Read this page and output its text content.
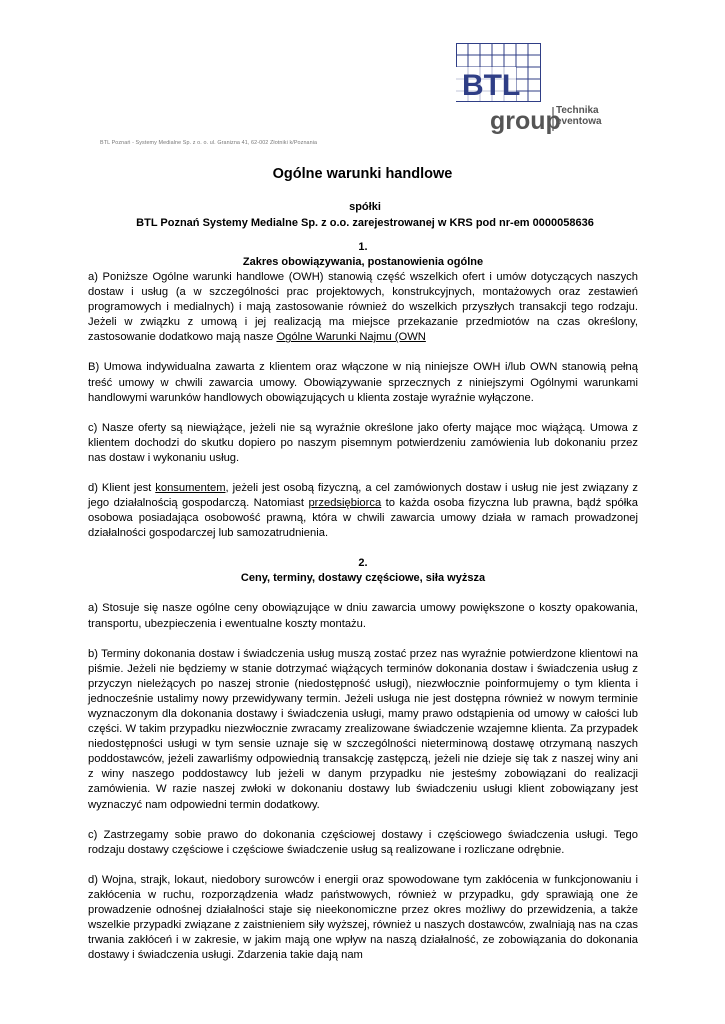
BTL
group
Technika
eventowa
BTL Poznań - Systemy Medialne Sp. z o. o. ul. Granizna 41, 62-002 Złotniki k/Poznania
Ogólne warunki handlowe
spółki
BTL Poznań Systemy Medialne Sp. z o.o. zarejestrowanej w KRS pod nr-em 0000058636
1.
Zakres obowiązywania, postanowienia ogólne

a) Poniższe Ogólne warunki handlowe (OWH) stanowią część wszelkich ofert i umów dotyczących naszych dostaw i usług (a w szczególności prac projektowych, konstrukcyjnych, montażowych oraz zestawień programowych i medialnych) i mają zastosowanie również do wszelkich przyszłych transakcji tego rodzaju. Jeżeli w związku z umową i jej realizacją ma miejsce przekazanie przedmiotów na czas określony, zastosowanie dodatkowo mają nasze Ogólne Warunki Najmu (OWN

B) Umowa indywidualna zawarta z klientem oraz włączone w nią niniejsze OWH i/lub OWN stanowią pełną treść umowy w chwili zawarcia umowy. Obowiązywanie sprzecznych z niniejszymi Ogólnymi warunkami handlowymi warunków handlowych obowiązujących u klienta zostaje wyraźnie wyłączone.

c) Nasze oferty są niewiążące, jeżeli nie są wyraźnie określone jako oferty mające moc wiążącą. Umowa z klientem dochodzi do skutku dopiero po naszym pisemnym potwierdzeniu zamówienia lub dokonaniu przez nas dostaw i wykonaniu usług.

d) Klient jest konsumentem, jeżeli jest osobą fizyczną, a cel zamówionych dostaw i usług nie jest związany z jego działalnością gospodarczą. Natomiast przedsiębiorca to każda osoba fizyczna lub prawna, bądź spółka osobowa posiadająca osobowość prawną, która w chwili zawarcia umowy działa w ramach prowadzonej działalności gospodarczej lub samozatrudnienia.

2.
Ceny, terminy, dostawy częściowe, siła wyższa

a) Stosuje się nasze ogólne ceny obowiązujące w dniu zawarcia umowy powiększone o koszty opakowania, transportu, ubezpieczenia i ewentualne koszty montażu.

b) Terminy dokonania dostaw i świadczenia usług muszą zostać przez nas wyraźnie potwierdzone klientowi na piśmie. Jeżeli nie będziemy w stanie dotrzymać wiążących terminów dokonania dostaw i świadczenia usług z przyczyn nieleżących po naszej stronie (niedostępność usługi), niezwłocznie poinformujemy o tym klienta i jednocześnie ustalimy nowy przewidywany termin. Jeżeli usługa nie jest dostępna również w nowym terminie wyznaczonym dla dokonania dostawy i świadczenia usługi, mamy prawo odstąpienia od umowy w całości lub części. W takim przypadku niezwłocznie zwracamy zrealizowane świadczenie wzajemne klienta. Za przypadek niedostępności usługi w tym sensie uznaje się w szczególności nieterminową dostawę otrzymaną naszych poddostawców, jeżeli zawarliśmy odpowiednią transakcję zastępczą, jeżeli nie dzieje się tak z naszej winy ani z winy naszego poddostawcy lub jeżeli w danym przypadku nie jesteśmy zobowiązani do realizacji zamówienia. W razie naszej zwłoki w dokonaniu dostawy lub świadczeniu usługi klient zobowiązany jest wyznaczyć nam odpowiedni termin dodatkowy.

c) Zastrzegamy sobie prawo do dokonania częściowej dostawy i częściowego świadczenia usługi. Tego rodzaju dostawy częściowe i częściowe świadczenie usług są realizowane i rozliczane odrębnie.

d) Wojna, strajk, lokaut, niedobory surowców i energii oraz spowodowane tym zakłócenia w funkcjonowaniu i zakłócenia w ruchu, rozporządzenia władz państwowych, również w przypadku, gdy sprawiają one że prowadzenie odnośnej działalności staje się nieekonomiczne przez okres możliwy do przewidzenia, a także wszelkie przypadki związane z zaistnieniem siły wyższej, również u naszych dostawców, zwalniają nas na czas trwania zakłóceń i w zakresie, w jakim mają one wpływ na naszą działalność, ze zobowiązania do dokonania dostawy i świadczenia usługi. Zdarzenia takie dają nam
